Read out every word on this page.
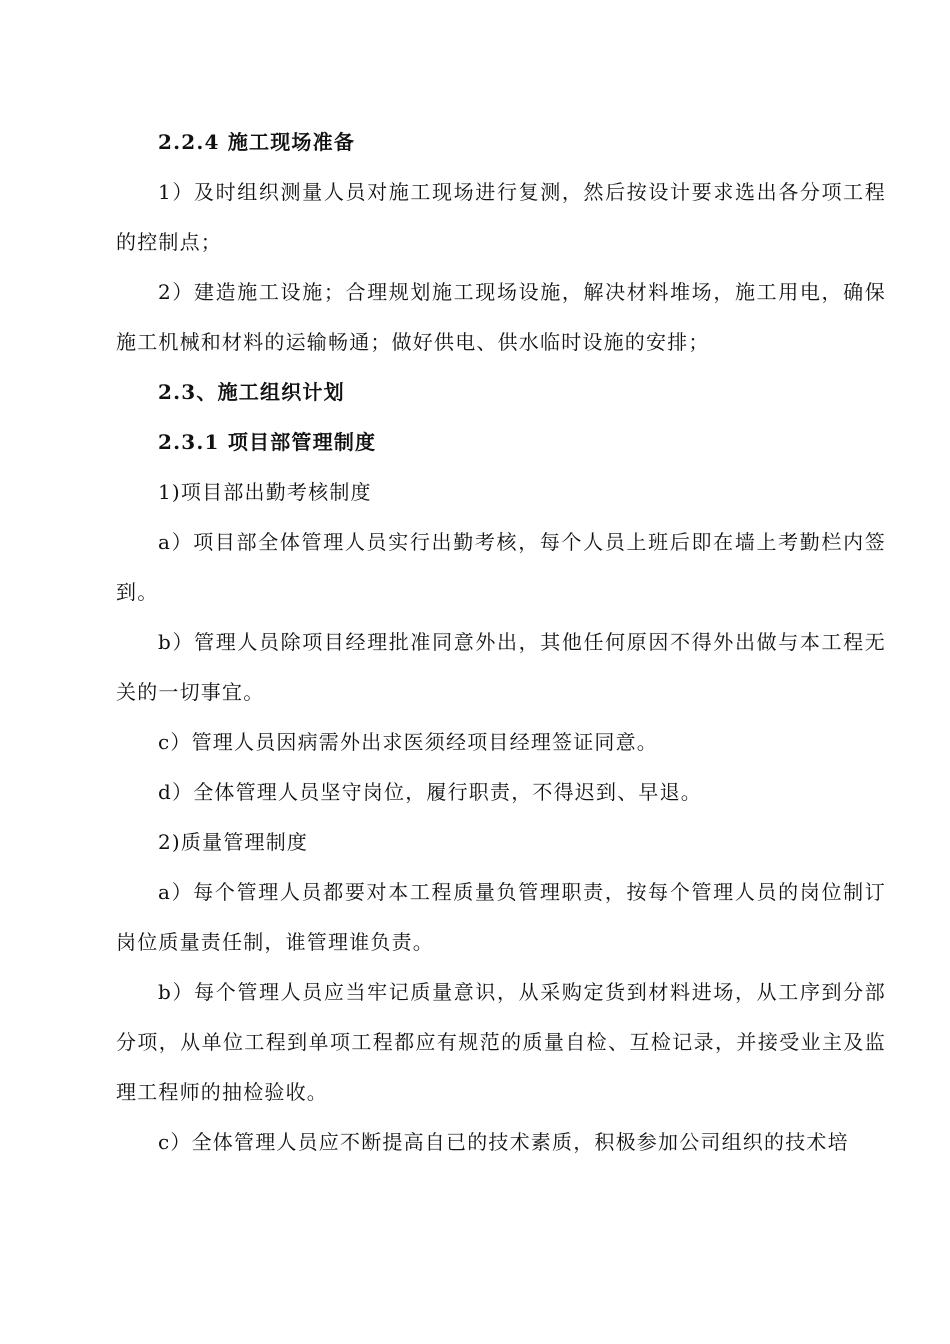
2.2.4 施工现场准备

1）及时组织测量人员对施工现场进行复测，然后按设计要求选出各分项工程的控制点；

2）建造施工设施；合理规划施工现场设施，解决材料堆场，施工用电，确保施工机械和材料的运输畅通；做好供电、供水临时设施的安排；

2.3、施工组织计划

2.3.1 项目部管理制度

1)项目部出勤考核制度

a）项目部全体管理人员实行出勤考核，每个人员上班后即在墙上考勤栏内签到。

b）管理人员除项目经理批准同意外出，其他任何原因不得外出做与本工程无关的一切事宜。

c）管理人员因病需外出求医须经项目经理签证同意。

d）全体管理人员坚守岗位，履行职责，不得迟到、早退。

2)质量管理制度

a）每个管理人员都要对本工程质量负管理职责，按每个管理人员的岗位制订岗位质量责任制，谁管理谁负责。

b）每个管理人员应当牢记质量意识，从采购定货到材料进场，从工序到分部分项，从单位工程到单项工程都应有规范的质量自检、互检记录，并接受业主及监理工程师的抽检验收。

c）全体管理人员应不断提高自已的技术素质，积极参加公司组织的技术培
